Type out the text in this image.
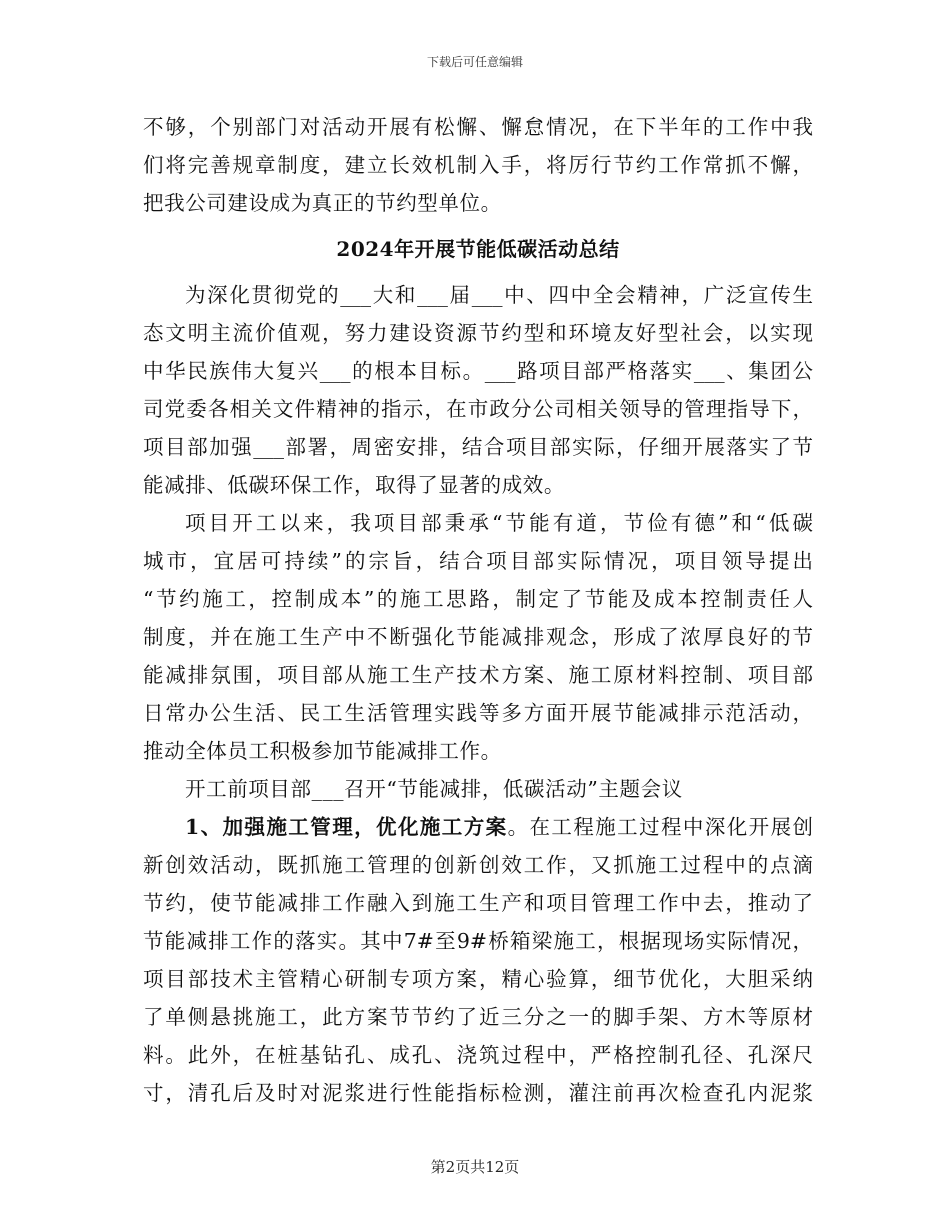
下载后可任意编辑
不够，个别部门对活动开展有松懈、懈怠情况，在下半年的工作中我
们将完善规章制度，建立长效机制入手，将厉行节约工作常抓不懈，
把我公司建设成为真正的节约型单位。
2024年开展节能低碳活动总结
为深化贯彻党的___大和___届___中、四中全会精神，广泛宣传生
态文明主流价值观，努力建设资源节约型和环境友好型社会，以实现
中华民族伟大复兴___的根本目标。___路项目部严格落实___、集团公
司党委各相关文件精神的指示，在市政分公司相关领导的管理指导下，
项目部加强___部署，周密安排，结合项目部实际，仔细开展落实了节
能减排、低碳环保工作，取得了显著的成效。
项目开工以来，我项目部秉承“节能有道，节俭有德”和“低碳
城市，宜居可持续”的宗旨，结合项目部实际情况，项目领导提出
“节约施工，控制成本”的施工思路，制定了节能及成本控制责任人
制度，并在施工生产中不断强化节能减排观念，形成了浓厚良好的节
能减排氛围，项目部从施工生产技术方案、施工原材料控制、项目部
日常办公生活、民工生活管理实践等多方面开展节能减排示范活动，
推动全体员工积极参加节能减排工作。
开工前项目部___召开“节能减排，低碳活动”主题会议
1、加强施工管理，优化施工方案。在工程施工过程中深化开展创
新创效活动，既抓施工管理的创新创效工作，又抓施工过程中的点滴
节约，使节能减排工作融入到施工生产和项目管理工作中去，推动了
节能减排工作的落实。其中7#至9#桥箱梁施工，根据现场实际情况，
项目部技术主管精心研制专项方案，精心验算，细节优化，大胆采纳
了单侧悬挑施工，此方案节节约了近三分之一的脚手架、方木等原材
料。此外，在桩基钻孔、成孔、浇筑过程中，严格控制孔径、孔深尺
寸，清孔后及时对泥浆进行性能指标检测，灌注前再次检查孔内泥浆
第2页共12页
